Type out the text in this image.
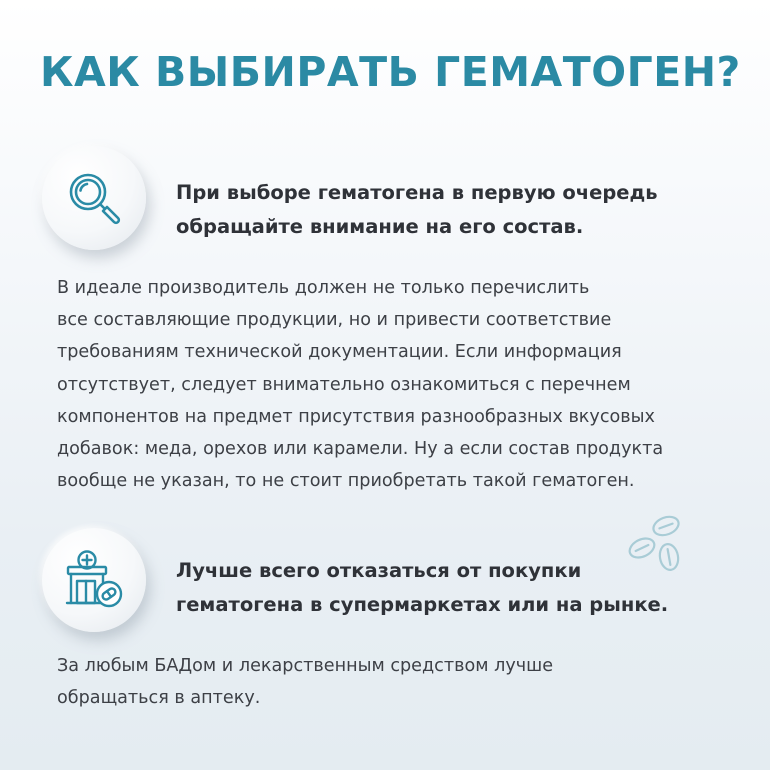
КАК ВЫБИРАТЬ ГЕМАТОГЕН?

При выборе гематогена в первую очередь
обращайте внимание на его состав.

В идеале производитель должен не только перечислить
все составляющие продукции, но и привести соответствие
требованиям технической документации. Если информация
отсутствует, следует внимательно ознакомиться с перечнем
компонентов на предмет присутствия разнообразных вкусовых
добавок: меда, орехов или карамели. Ну а если состав продукта
вообще не указан, то не стоит приобретать такой гематоген.

Лучше всего отказаться от покупки
гематогена в супермаркетах или на рынке.

За любым БАДом и лекарственным средством лучше
обращаться в аптеку.
